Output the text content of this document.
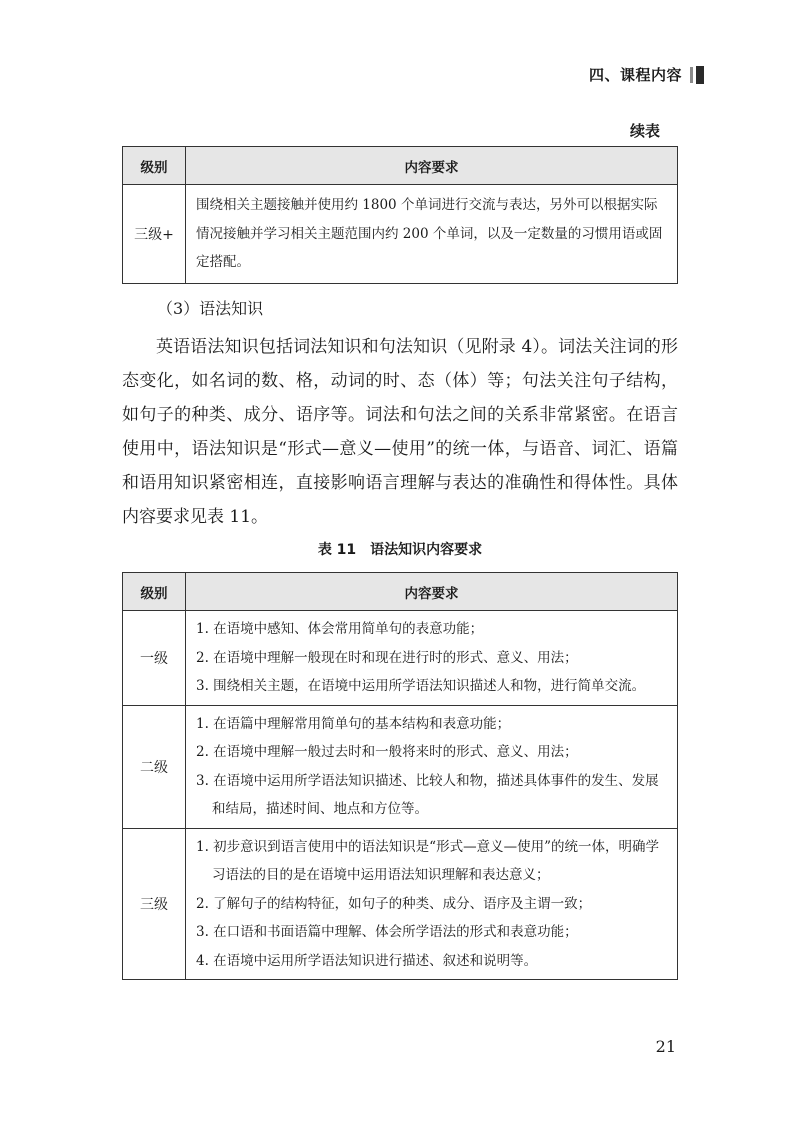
四、课程内容
续表
级别	内容要求
三级+	围绕相关主题接触并使用约 1800 个单词进行交流与表达，另外可以根据实际情况接触并学习相关主题范围内约 200 个单词，以及一定数量的习惯用语或固定搭配。
（3）语法知识

英语语法知识包括词法知识和句法知识（见附录 4）。词法关注词的形态变化，如名词的数、格，动词的时、态（体）等；句法关注句子结构，如句子的种类、成分、语序等。词法和句法之间的关系非常紧密。在语言使用中，语法知识是“形式—意义—使用”的统一体，与语音、词汇、语篇和语用知识紧密相连，直接影响语言理解与表达的准确性和得体性。具体内容要求见表 11。

表 11　语法知识内容要求
级别	内容要求
一级	1. 在语境中感知、体会常用简单句的表意功能；
2. 在语境中理解一般现在时和现在进行时的形式、意义、用法；
3. 围绕相关主题，在语境中运用所学语法知识描述人和物，进行简单交流。

二级	1. 在语篇中理解常用简单句的基本结构和表意功能；
2. 在语境中理解一般过去时和一般将来时的形式、意义、用法；
3. 在语境中运用所学语法知识描述、比较人和物，描述具体事件的发生、发展和结局，描述时间、地点和方位等。

三级	1. 初步意识到语言使用中的语法知识是“形式—意义—使用”的统一体，明确学习语法的目的是在语境中运用语法知识理解和表达意义；
2. 了解句子的结构特征，如句子的种类、成分、语序及主谓一致；
3. 在口语和书面语篇中理解、体会所学语法的形式和表意功能；
4. 在语境中运用所学语法知识进行描述、叙述和说明等。
21
